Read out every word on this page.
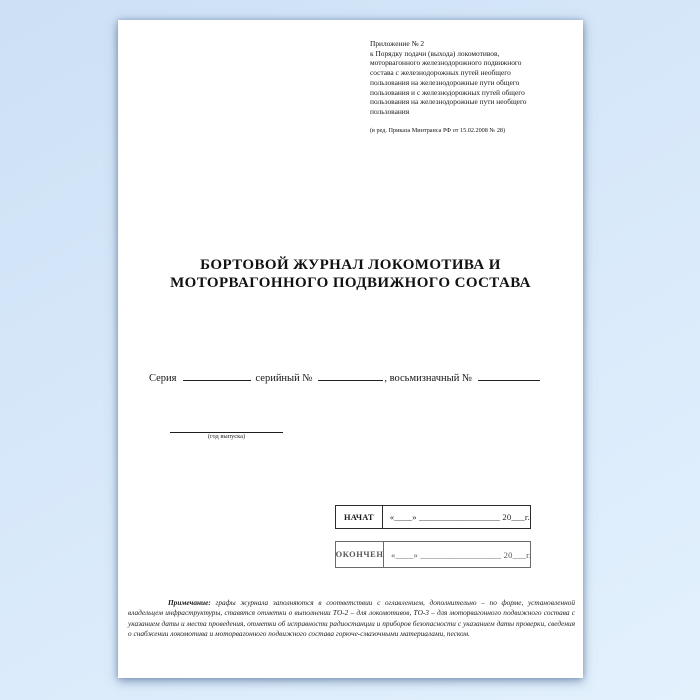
Приложение № 2
к Порядку подачи (выхода) локомотивов,
моторвагонного железнодорожного подвижного
состава с железнодорожных путей необщего
пользования на железнодорожные пути общего
пользования и с железнодорожных путей общего
пользования на железнодорожные пути необщего
пользования
(в ред. Приказа Минтранса РФ от 15.02.2008 № 28)
БОРТОВОЙ ЖУРНАЛ ЛОКОМОТИВА И
МОТОРВАГОННОГО ПОДВИЖНОГО СОСТАВА
Серия	серийный №	, восьмизначный №
(год выпуска)
НАЧАТ «____» __________________ 20___г.
ОКОНЧЕН «____» __________________ 20___г.

Примечание: графы журнала заполняются в соответствии с оглавлением, дополнительно – по форме, установленной владельцем инфраструктуры, ставятся отметки о выполнении ТО-2 – для локомотивов, ТО-3 – для моторвагонного подвижного состава с указанием даты и места проведения, отметки об исправности радиостанции и приборов безопасности с указанием даты проверки, сведения о снабжении локомотива и моторвагонного подвижного состава горюче-смазочными материалами, песком.
